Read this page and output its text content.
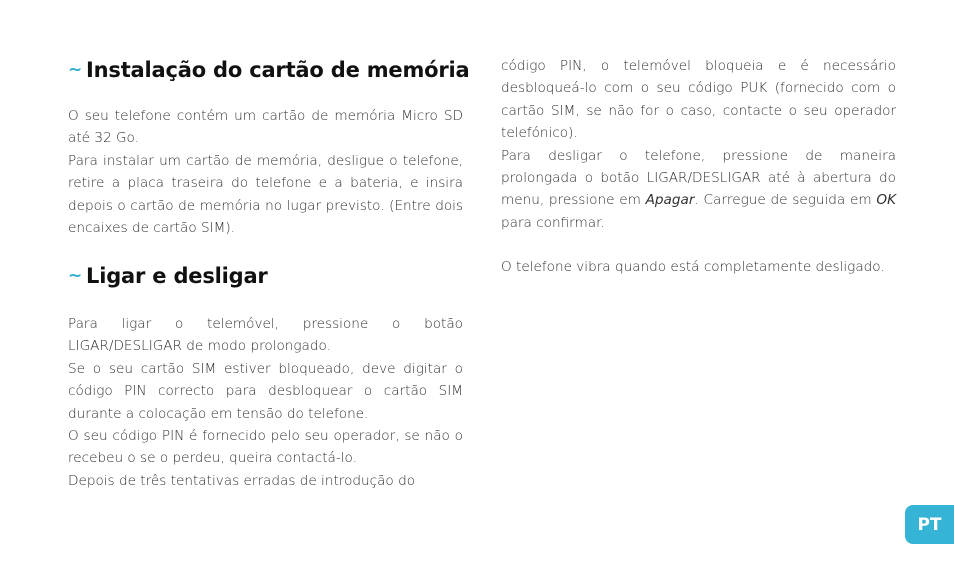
~ Instalação do cartão de memória

O seu telefone contém um cartão de memória Micro SD até 32 Go.

Para instalar um cartão de memória, desligue o telefone, retire a placa traseira do telefone e a bateria, e insira depois o cartão de memória no lugar previsto. (Entre dois encaixes de cartão SIM).

~ Ligar e desligar

Para ligar o telemóvel, pressione o botão LIGAR/DESLIGAR de modo prolongado.

Se o seu cartão SIM estiver bloqueado, deve digitar o código PIN correcto para desbloquear o cartão SIM durante a colocação em tensão do telefone.

O seu código PIN é fornecido pelo seu operador, se não o recebeu o se o perdeu, queira contactá-lo.

Depois de três tentativas erradas de introdução do

código PIN, o telemóvel bloqueia e é necessário desbloqueá-lo com o seu código PUK (fornecido com o cartão SIM, se não for o caso, contacte o seu operador telefónico).

Para desligar o telefone, pressione de maneira prolongada o botão LIGAR/DESLIGAR até à abertura do menu, pressione em Apagar. Carregue de seguida em OK para confirmar.

O telefone vibra quando está completamente desligado.

PT
